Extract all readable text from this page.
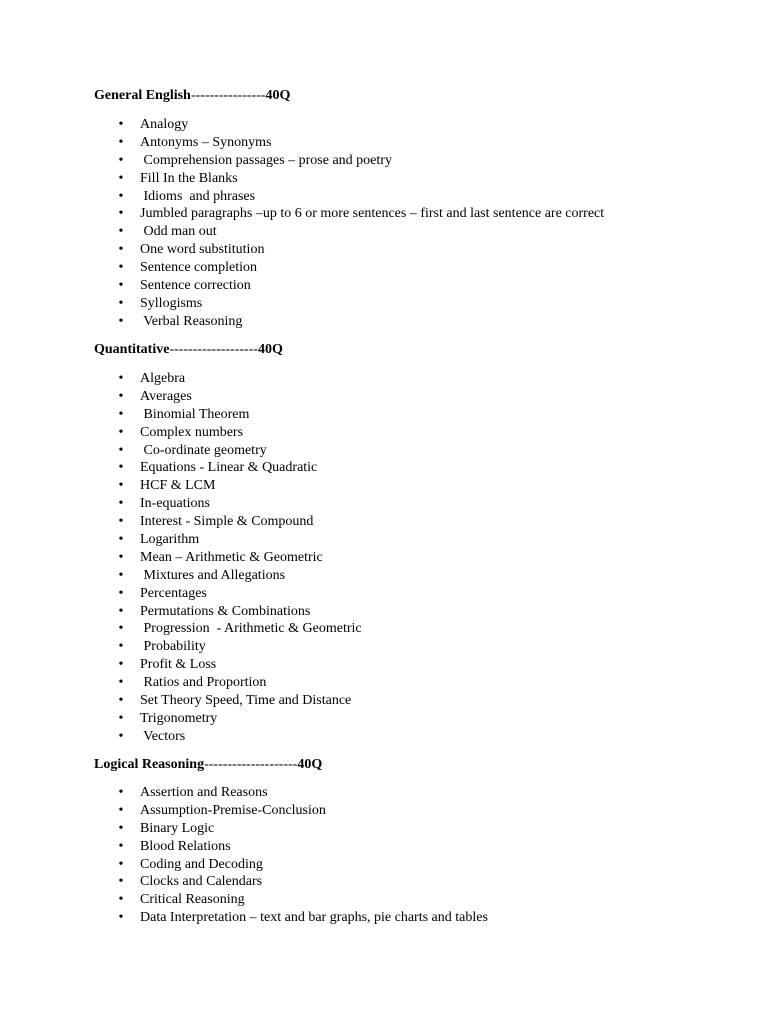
General English----------------40Q
• Analogy
• Antonyms – Synonyms
• Comprehension passages – prose and poetry
• Fill In the Blanks
• Idioms  and phrases
• Jumbled paragraphs –up to 6 or more sentences – first and last sentence are correct
• Odd man out
• One word substitution
• Sentence completion
• Sentence correction
• Syllogisms
• Verbal Reasoning
Quantitative-------------------40Q
• Algebra
• Averages
• Binomial Theorem
• Complex numbers
• Co-ordinate geometry
• Equations - Linear & Quadratic
• HCF & LCM
• In-equations
• Interest - Simple & Compound
• Logarithm
• Mean – Arithmetic & Geometric
• Mixtures and Allegations
• Percentages
• Permutations & Combinations
• Progression  - Arithmetic & Geometric
• Probability
• Profit & Loss
• Ratios and Proportion
• Set Theory Speed, Time and Distance
• Trigonometry
• Vectors
Logical Reasoning--------------------40Q
• Assertion and Reasons
• Assumption-Premise-Conclusion
• Binary Logic
• Blood Relations
• Coding and Decoding
• Clocks and Calendars
• Critical Reasoning
• Data Interpretation – text and bar graphs, pie charts and tables
